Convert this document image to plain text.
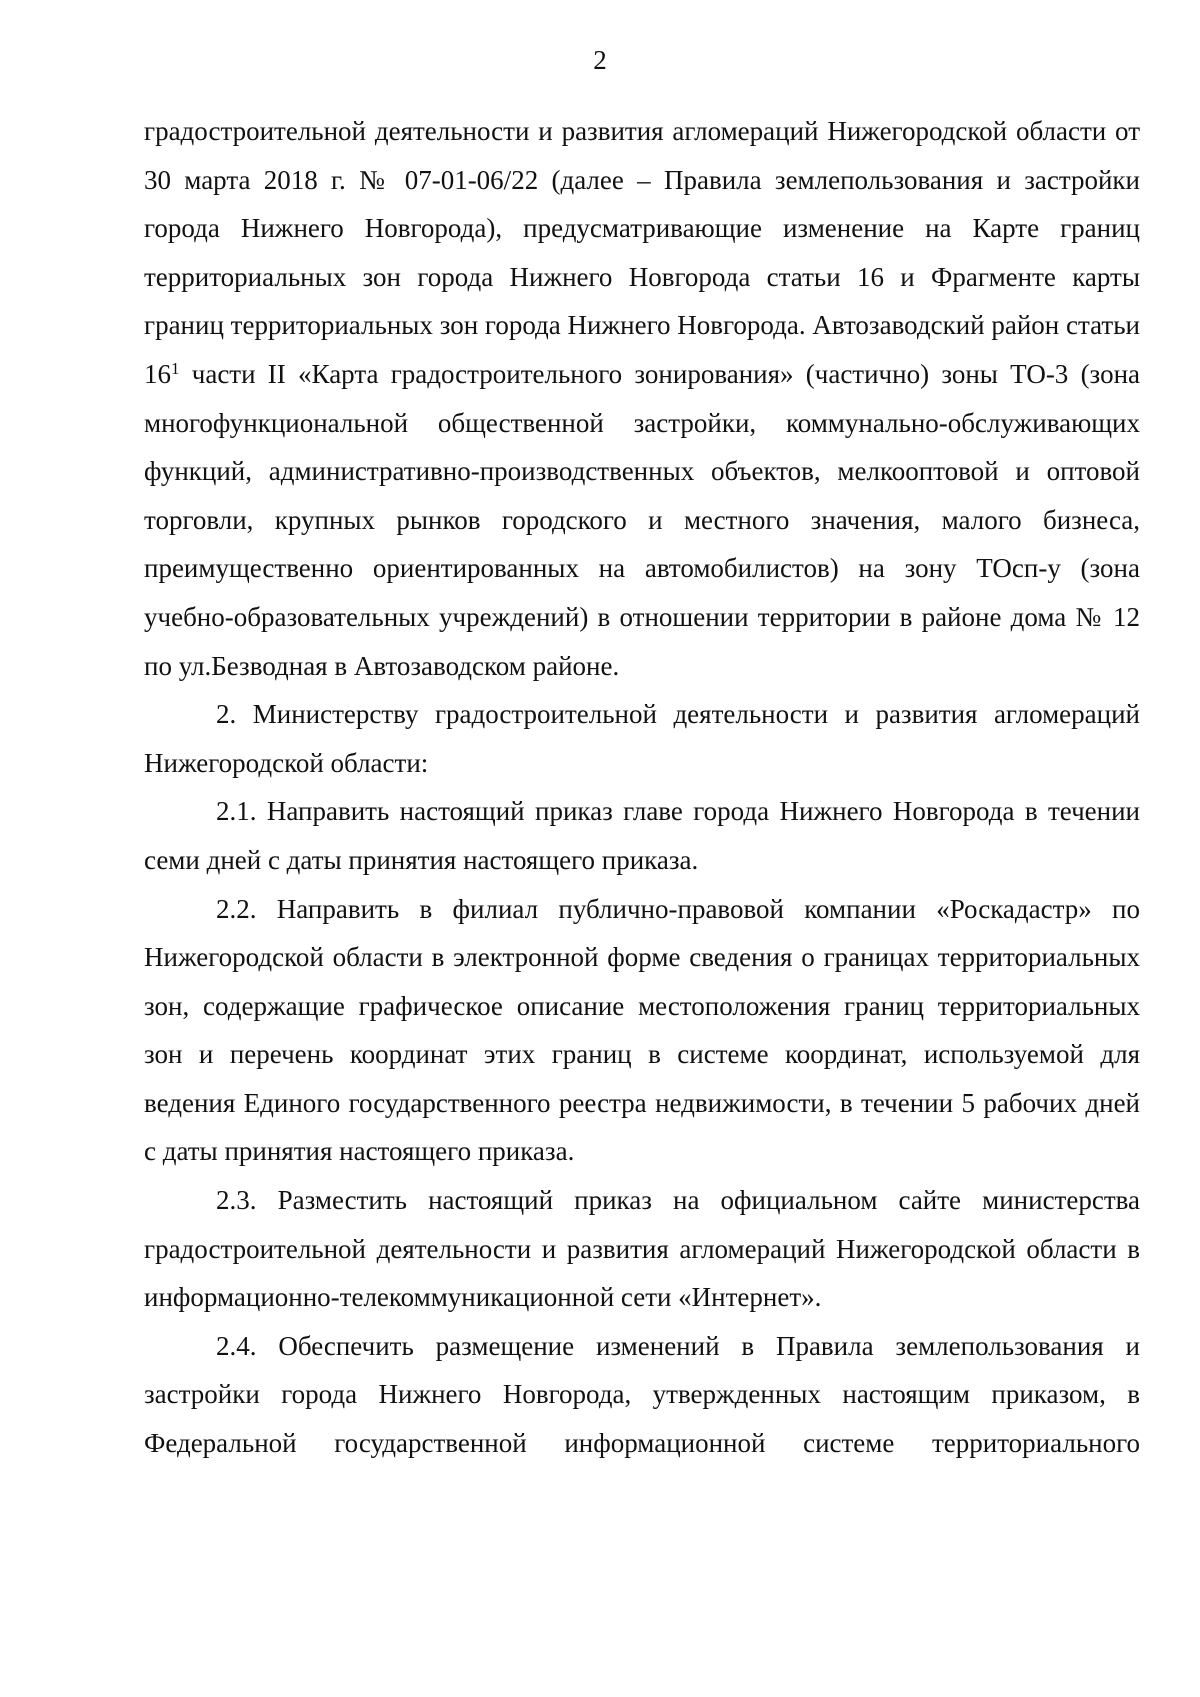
2

градостроительной деятельности и развития агломераций Нижегородской области от 30 марта 2018 г. № 07-01-06/22 (далее – Правила землепользования и застройки города Нижнего Новгорода), предусматривающие изменение на Карте границ территориальных зон города Нижнего Новгорода статьи 16 и Фрагменте карты границ территориальных зон города Нижнего Новгорода. Автозаводский район статьи $16^1$ части II «Карта градостроительного зонирования» (частично) зоны ТО-3 (зона многофункциональной общественной застройки, коммунально-обслуживающих функций, административно-производственных объектов, мелкооптовой и оптовой торговли, крупных рынков городского и местного значения, малого бизнеса, преимущественно ориентированных на автомобилистов) на зону ТОсп-у (зона учебно-образовательных учреждений) в отношении территории в районе дома № 12 по ул.Безводная в Автозаводском районе.

2. Министерству градостроительной деятельности и развития агломераций Нижегородской области:

2.1. Направить настоящий приказ главе города Нижнего Новгорода в течении семи дней с даты принятия настоящего приказа.

2.2. Направить в филиал публично-правовой компании «Роскадастр» по Нижегородской области в электронной форме сведения о границах территориальных зон, содержащие графическое описание местоположения границ территориальных зон и перечень координат этих границ в системе координат, используемой для ведения Единого государственного реестра недвижимости, в течении 5 рабочих дней с даты принятия настоящего приказа.

2.3. Разместить настоящий приказ на официальном сайте министерства градостроительной деятельности и развития агломераций Нижегородской области в информационно-телекоммуникационной сети «Интернет».

2.4. Обеспечить размещение изменений в Правила землепользования и застройки города Нижнего Новгорода, утвержденных настоящим приказом, в Федеральной государственной информационной системе территориального
